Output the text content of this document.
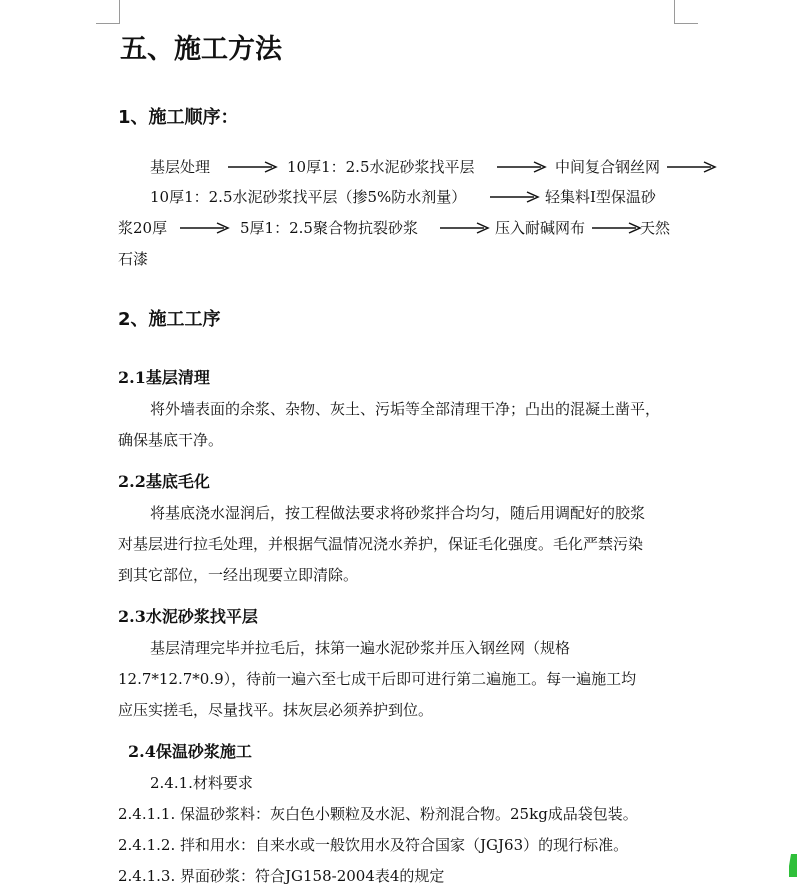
五、施工方法
1、施工顺序：
基层处理	10厚1：2.5水泥砂浆找平层	中间复合钢丝网
10厚1：2.5水泥砂浆找平层（掺5%防水剂量）	轻集料Ⅰ型保温砂
浆20厚	5厚1：2.5聚合物抗裂砂浆	压入耐碱网布	天然
石漆
2、施工工序
2.1基层清理
将外墙表面的余浆、杂物、灰土、污垢等全部清理干净；凸出的混凝土凿平，
确保基底干净。
2.2基底毛化
将基底浇水湿润后，按工程做法要求将砂浆拌合均匀，随后用调配好的胶浆
对基层进行拉毛处理，并根据气温情况浇水养护，保证毛化强度。毛化严禁污染
到其它部位，一经出现要立即清除。
2.3水泥砂浆找平层
基层清理完毕并拉毛后，抹第一遍水泥砂浆并压入钢丝网（规格
12.7*12.7*0.9），待前一遍六至七成干后即可进行第二遍施工。每一遍施工均
应压实搓毛，尽量找平。抹灰层必须养护到位。
2.4保温砂浆施工
2.4.1.材料要求
2.4.1.1. 保温砂浆料：灰白色小颗粒及水泥、粉剂混合物。25kg成品袋包装。
2.4.1.2. 拌和用水：自来水或一般饮用水及符合国家（JGJ63）的现行标准。
2.4.1.3. 界面砂浆：符合JG158-2004表4的规定
